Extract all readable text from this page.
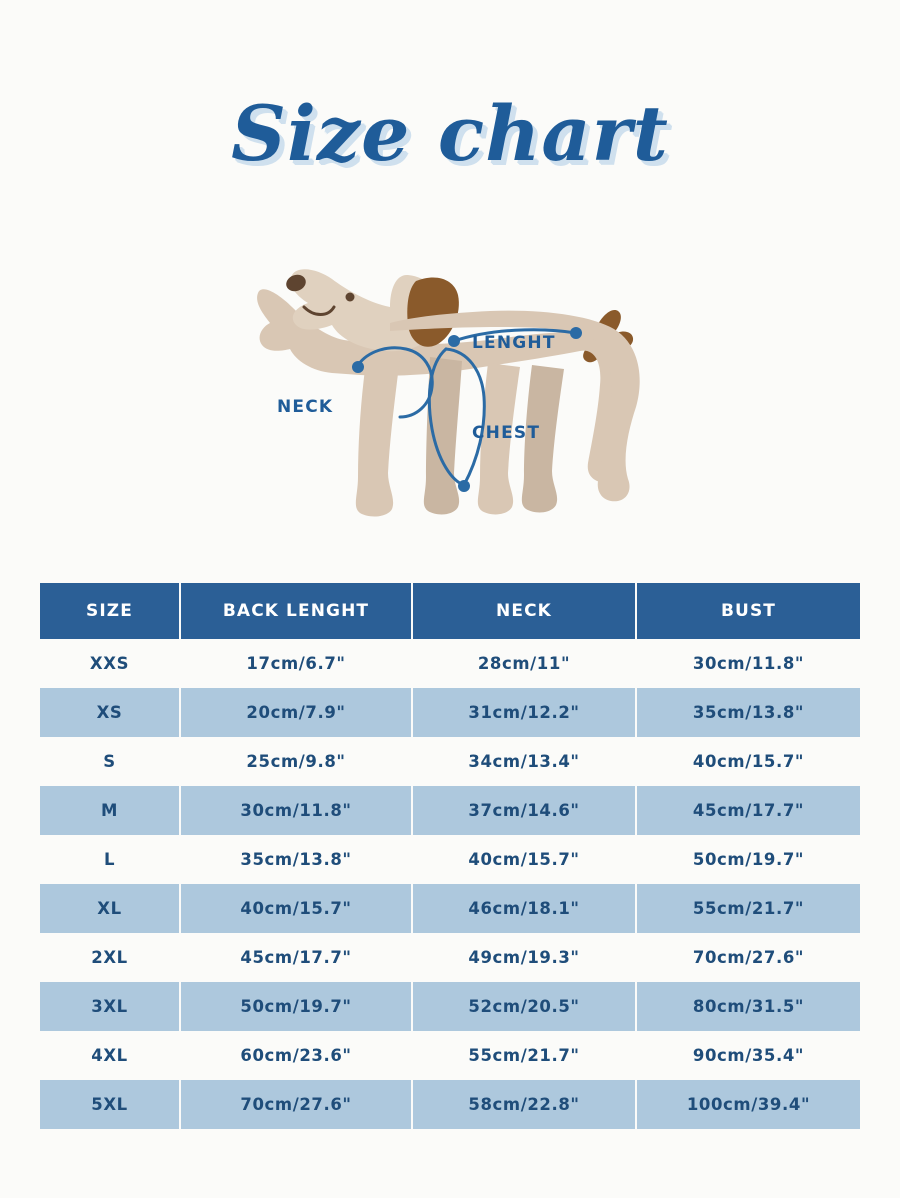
Size chart
LENGHT
NECK
CHEST
SIZE	BACK LENGHT	NECK	BUST
XXS	17cm/6.7"	28cm/11"	30cm/11.8"
XS	20cm/7.9"	31cm/12.2"	35cm/13.8"
S	25cm/9.8"	34cm/13.4"	40cm/15.7"
M	30cm/11.8"	37cm/14.6"	45cm/17.7"
L	35cm/13.8"	40cm/15.7"	50cm/19.7"
XL	40cm/15.7"	46cm/18.1"	55cm/21.7"
2XL	45cm/17.7"	49cm/19.3"	70cm/27.6"
3XL	50cm/19.7"	52cm/20.5"	80cm/31.5"
4XL	60cm/23.6"	55cm/21.7"	90cm/35.4"
5XL	70cm/27.6"	58cm/22.8"	100cm/39.4"
